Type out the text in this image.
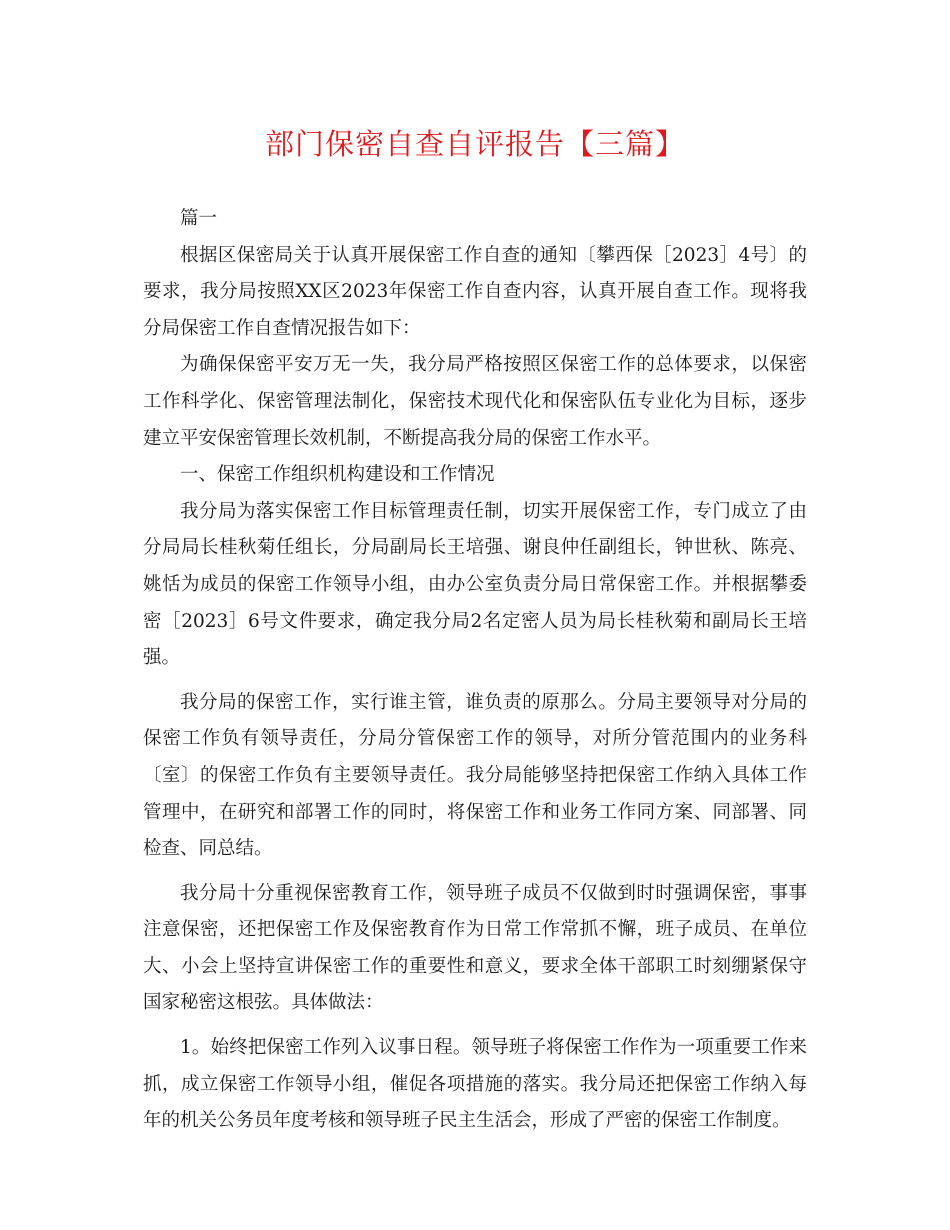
部门保密自查自评报告【三篇】

篇一

根据区保密局关于认真开展保密工作自查的通知〔攀西保［2023］4号〕的要求，我分局按照XX区2023年保密工作自查内容，认真开展自查工作。现将我分局保密工作自查情况报告如下：

为确保保密平安万无一失，我分局严格按照区保密工作的总体要求，以保密工作科学化、保密管理法制化，保密技术现代化和保密队伍专业化为目标，逐步建立平安保密管理长效机制，不断提高我分局的保密工作水平。

一、保密工作组织机构建设和工作情况

我分局为落实保密工作目标管理责任制，切实开展保密工作，专门成立了由分局局长桂秋菊任组长，分局副局长王培强、谢良仲任副组长，钟世秋、陈亮、姚恬为成员的保密工作领导小组，由办公室负责分局日常保密工作。并根据攀委密［2023］6号文件要求，确定我分局2名定密人员为局长桂秋菊和副局长王培强。

我分局的保密工作，实行谁主管，谁负责的原那么。分局主要领导对分局的保密工作负有领导责任，分局分管保密工作的领导，对所分管范围内的业务科〔室〕的保密工作负有主要领导责任。我分局能够坚持把保密工作纳入具体工作管理中，在研究和部署工作的同时，将保密工作和业务工作同方案、同部署、同检查、同总结。

我分局十分重视保密教育工作，领导班子成员不仅做到时时强调保密，事事注意保密，还把保密工作及保密教育作为日常工作常抓不懈，班子成员、在单位大、小会上坚持宣讲保密工作的重要性和意义，要求全体干部职工时刻绷紧保守国家秘密这根弦。具体做法：

1。始终把保密工作列入议事日程。领导班子将保密工作作为一项重要工作来抓，成立保密工作领导小组，催促各项措施的落实。我分局还把保密工作纳入每年的机关公务员年度考核和领导班子民主生活会，形成了严密的保密工作制度。
